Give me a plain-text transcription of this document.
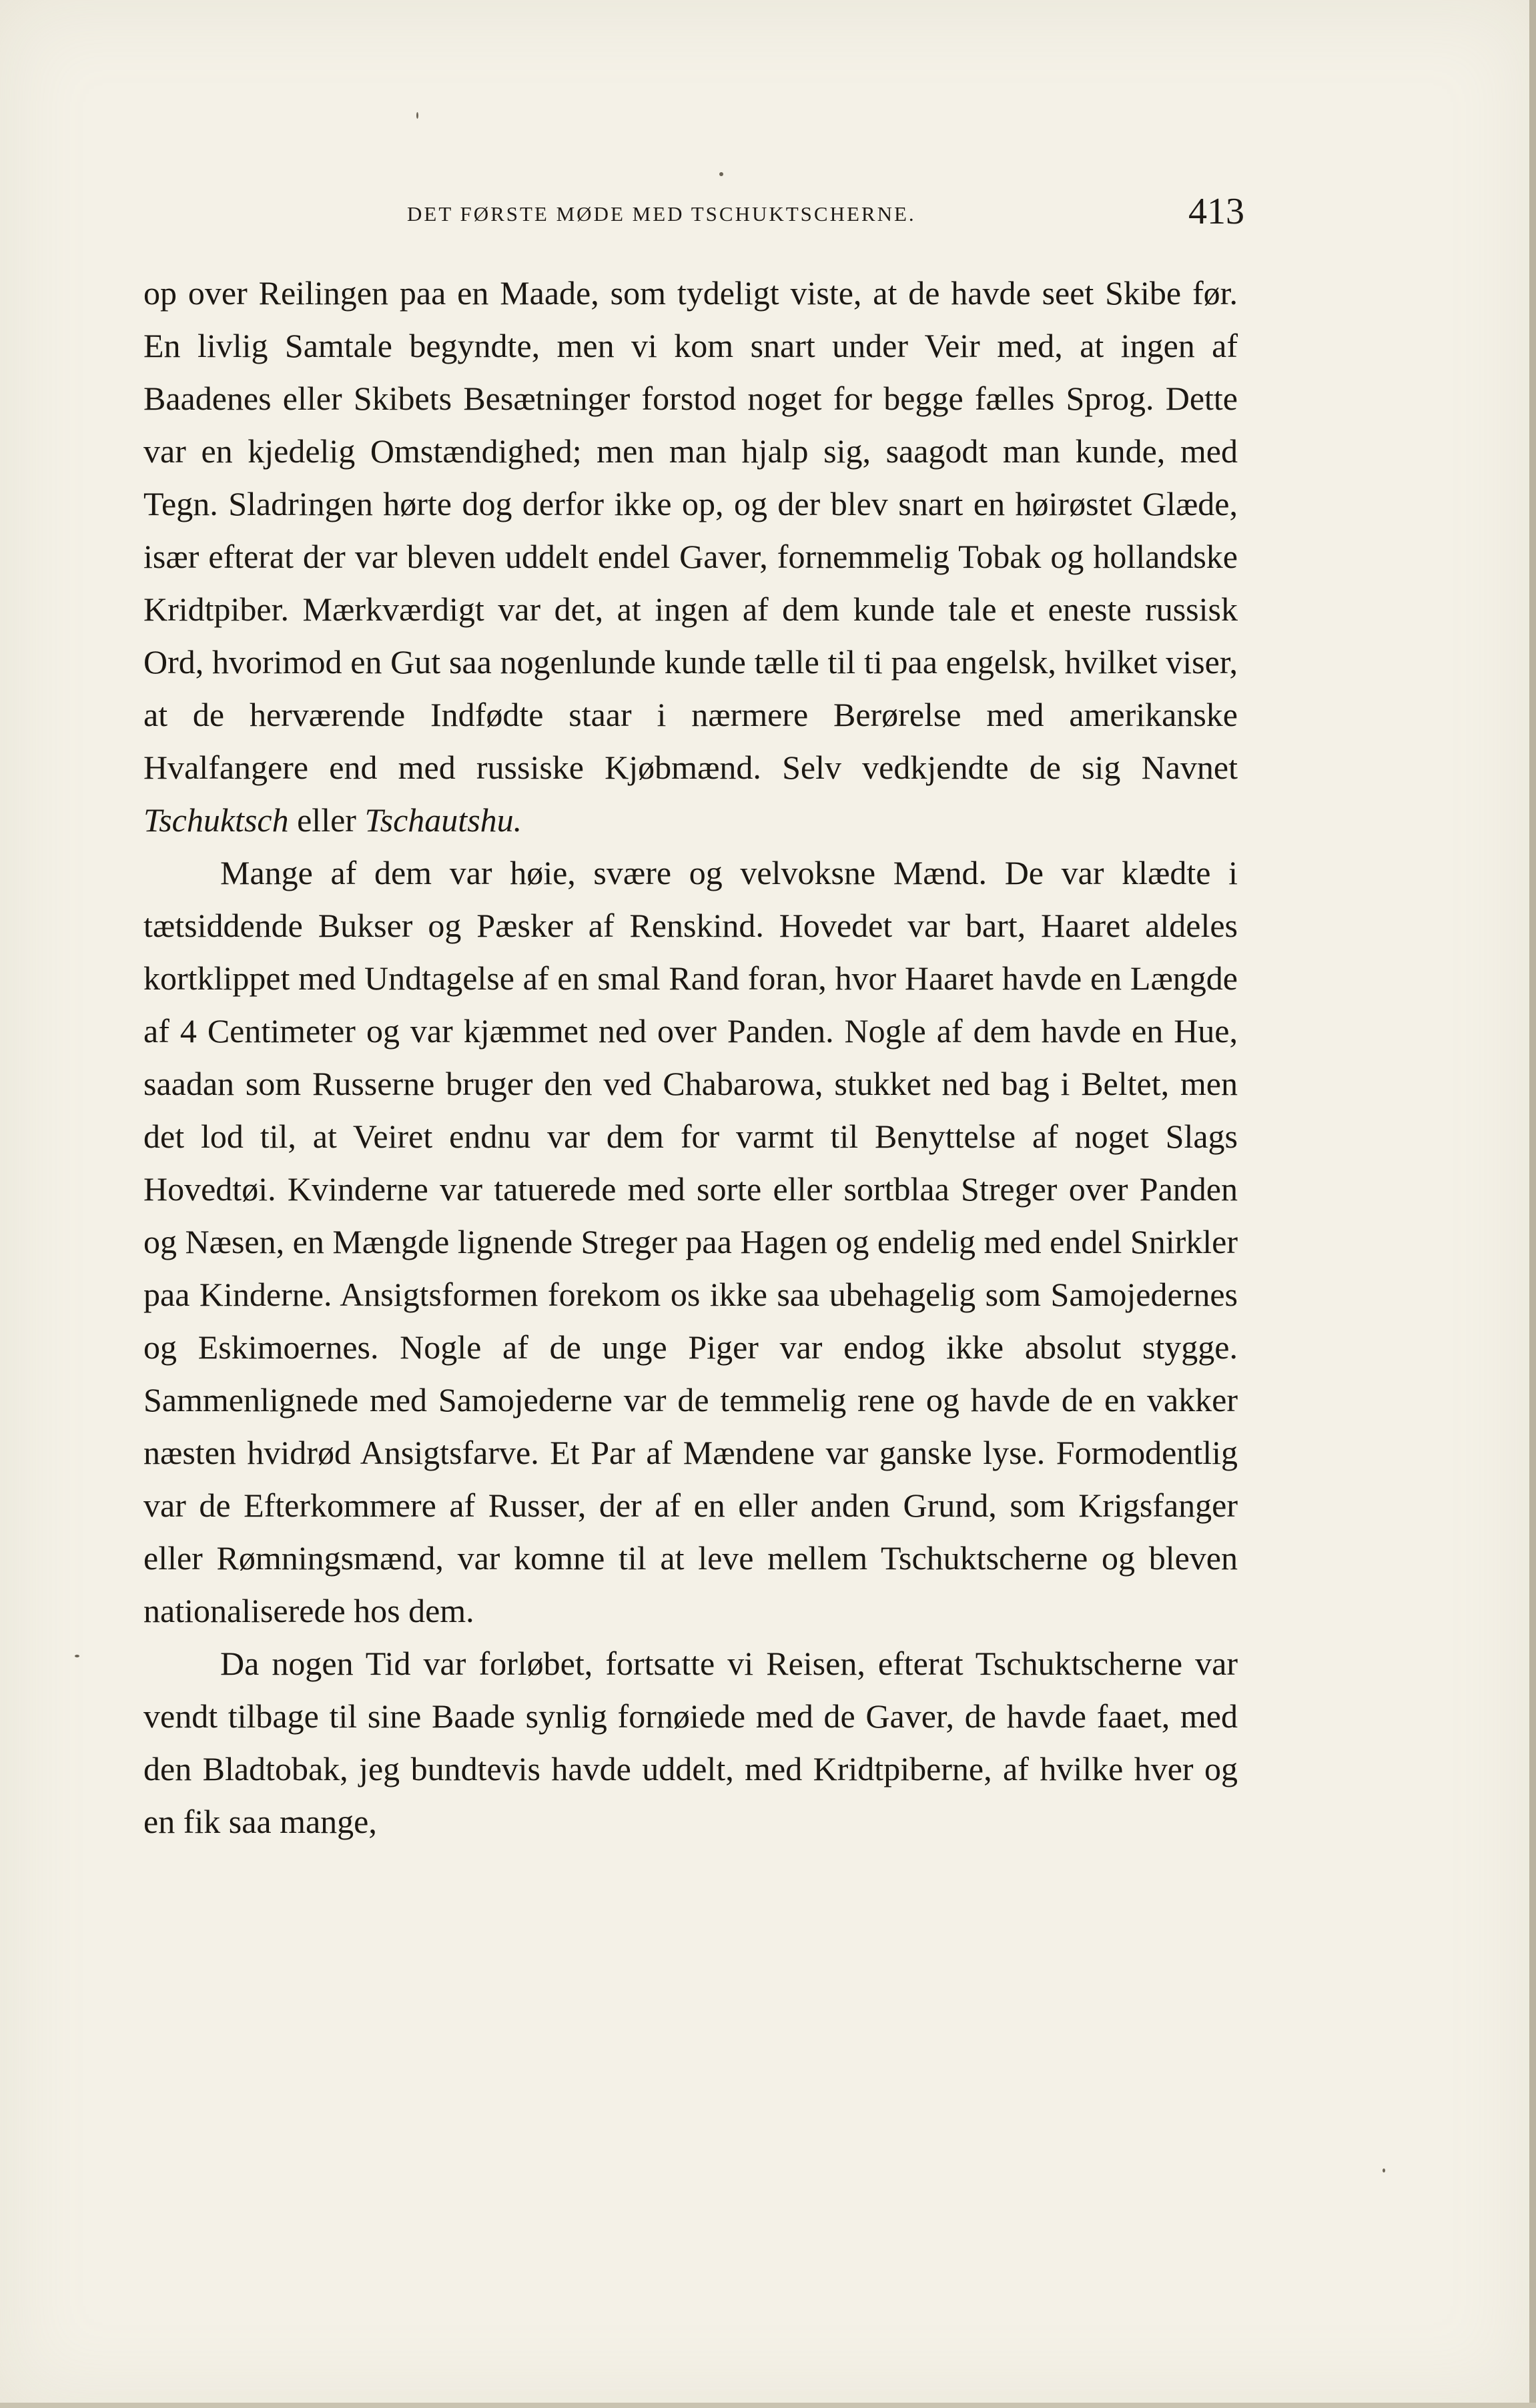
DET FØRSTE MØDE MED TSCHUKTSCHERNE.	413

op over Reilingen paa en Maade, som tydeligt viste, at de havde seet Skibe før. En livlig Samtale begyndte, men vi kom snart under Veir med, at ingen af Baadenes eller Skibets Besætninger forstod noget for begge fælles Sprog. Dette var en kjedelig Omstændighed; men man hjalp sig, saagodt man kunde, med Tegn. Sladringen hørte dog derfor ikke op, og der blev snart en høirøstet Glæde, især efterat der var bleven uddelt endel Gaver, fornemmelig Tobak og hollandske Kridtpiber. Mærkværdigt var det, at ingen af dem kunde tale et eneste russisk Ord, hvorimod en Gut saa nogenlunde kunde tælle til ti paa engelsk, hvilket viser, at de herværende Indfødte staar i nærmere Berørelse med amerikanske Hvalfangere end med russiske Kjøbmænd. Selv vedkjendte de sig Navnet Tschuktsch eller Tschautshu.

Mange af dem var høie, svære og velvoksne Mænd. De var klædte i tætsiddende Bukser og Pæsker af Renskind. Hovedet var bart, Haaret aldeles kortklippet med Undtagelse af en smal Rand foran, hvor Haaret havde en Længde af 4 Centimeter og var kjæmmet ned over Panden. Nogle af dem havde en Hue, saadan som Russerne bruger den ved Chabarowa, stukket ned bag i Beltet, men det lod til, at Veiret endnu var dem for varmt til Benyttelse af noget Slags Hovedtøi. Kvinderne var tatuerede med sorte eller sortblaa Streger over Panden og Næsen, en Mængde lignende Streger paa Hagen og endelig med endel Snirkler paa Kinderne. Ansigtsformen forekom os ikke saa ubehagelig som Samojedernes og Eskimoernes. Nogle af de unge Piger var endog ikke absolut stygge. Sammenlignede med Samojederne var de temmelig rene og havde de en vakker næsten hvidrød Ansigtsfarve. Et Par af Mændene var ganske lyse. Formodentlig var de Efterkommere af Russer, der af en eller anden Grund, som Krigsfanger eller Rømningsmænd, var komne til at leve mellem Tschuktscherne og bleven nationaliserede hos dem.

Da nogen Tid var forløbet, fortsatte vi Reisen, efterat Tschuktscherne var vendt tilbage til sine Baade synlig fornøiede med de Gaver, de havde faaet, med den Bladtobak, jeg bundtevis havde uddelt, med Kridtpiberne, af hvilke hver og en fik saa mange,
